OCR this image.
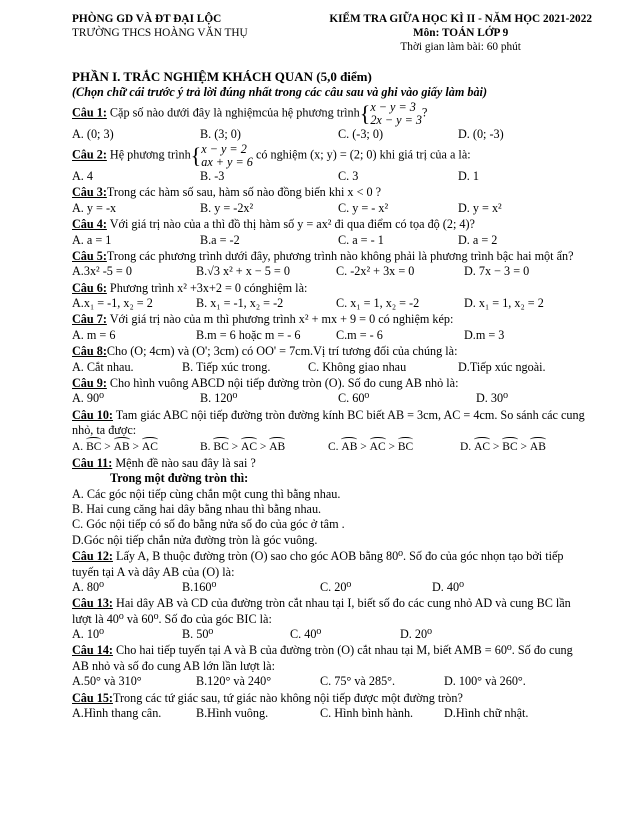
PHÒNG GD VÀ ĐT ĐẠI LỘC
TRƯỜNG THCS HOÀNG VĂN THỤ
KIỂM TRA GIỮA HỌC KÌ II - NĂM HỌC 2021-2022
Môn: TOÁN LỚP 9
Thời gian làm bài: 60 phút
PHẦN I. TRẮC NGHIỆM KHÁCH QUAN (5,0 điểm)
(Chọn chữ cái trước ý trả lời đúng nhất trong các câu sau và ghi vào giấy làm bài)
Câu 1: Cặp số nào dưới đây là nghiệmcủa hệ phương trình{x − y = 3
2x − y = 3?
A. (0; 3)	B. (3; 0)	C. (-3; 0)	D. (0; -3)
Câu 2: Hệ phương trình{x − y = 2
ax + y = 6 có nghiệm (x; y) = (2; 0) khi giá trị của a là:
A. 4	B. -3	C. 3	D. 1
Câu 3:Trong các hàm số sau, hàm số nào đồng biến khi x < 0 ?
A. y = -x	B. y = -2x²	C. y = - x²	D. y = x²
Câu 4: Với giá trị nào của a thì đồ thị hàm số y = ax² đi qua điểm có tọa độ (2; 4)?
A. a = 1	B.a = -2	C. a = - 1	D. a = 2
Câu 5:Trong các phương trình dưới đây, phương trình nào không phải là phương trình bậc hai một ẩn?
A.3x² -5 = 0	B.√3 x² + x − 5 = 0	C. -2x² + 3x = 0	D. 7x − 3 = 0
Câu 6: Phương trình x² +3x+2 = 0 cónghiệm là:
A.x₁ = -1, x₂ = 2	B. x₁ = -1, x₂ = -2	C. x₁ = 1, x₂ = -2	D. x₁ = 1, x₂ = 2
Câu 7: Với giá trị nào của m thì phương trình x² + mx + 9 = 0 có nghiệm kép:
A. m = 6	B.m = 6 hoặc m = - 6	C.m = - 6	D.m = 3
Câu 8:Cho (O; 4cm) và (O'; 3cm) có OO' = 7cm.Vị trí tương đối của chúng là:
A. Cắt nhau.	B. Tiếp xúc trong.	C. Không giao nhau	D.Tiếp xúc ngoài.
Câu 9: Cho hình vuông ABCD nội tiếp đường tròn (O). Số đo cung AB nhỏ là:
A. 90⁰	B. 120⁰	C. 60⁰	D. 30⁰
Câu 10: Tam giác ABC nội tiếp đường tròn đường kính BC biết AB = 3cm, AC = 4cm. So sánh các cung nhỏ, ta được:
A. BC > AB > AC	B. BC > AC > AB	C. AB > AC > BC	D. AC > BC > AB
Câu 11: Mệnh đề nào sau đây là sai ?
Trong một đường tròn thì:
A. Các góc nội tiếp cùng chắn một cung thì bằng nhau.
B. Hai cung căng hai dây bằng nhau thì bằng nhau.
C. Góc nội tiếp có số đo bằng nửa số đo của góc ở tâm .
D.Góc nội tiếp chắn nửa đường tròn là góc vuông.
Câu 12: Lấy A, B thuộc đường tròn (O) sao cho góc AOB bằng 80⁰. Số đo của góc nhọn tạo bởi tiếp tuyến tại A và dây AB của (O) là:
A. 80⁰	B.160⁰	C. 20⁰	D. 40⁰
Câu 13: Hai dây AB và CD của đường tròn cắt nhau tại I, biết số đo các cung nhỏ AD và cung BC lần lượt là 40⁰ và 60⁰. Số đo của góc BIC là:
A. 10⁰	B. 50⁰	C. 40⁰	D. 20⁰
Câu 14: Cho hai tiếp tuyến tại A và B của đường tròn (O) cắt nhau tại M, biết AMB = 60⁰. Số đo cung AB nhỏ và số đo cung AB lớn lần lượt là:
A.50° và 310°	B.120° và 240°	C. 75° và 285°.	D. 100° và 260°.
Câu 15:Trong các tứ giác sau, tứ giác nào không nội tiếp được một đường tròn?
A.Hình thang cân.	B.Hình vuông.	C. Hình bình hành.	D.Hình chữ nhật.
